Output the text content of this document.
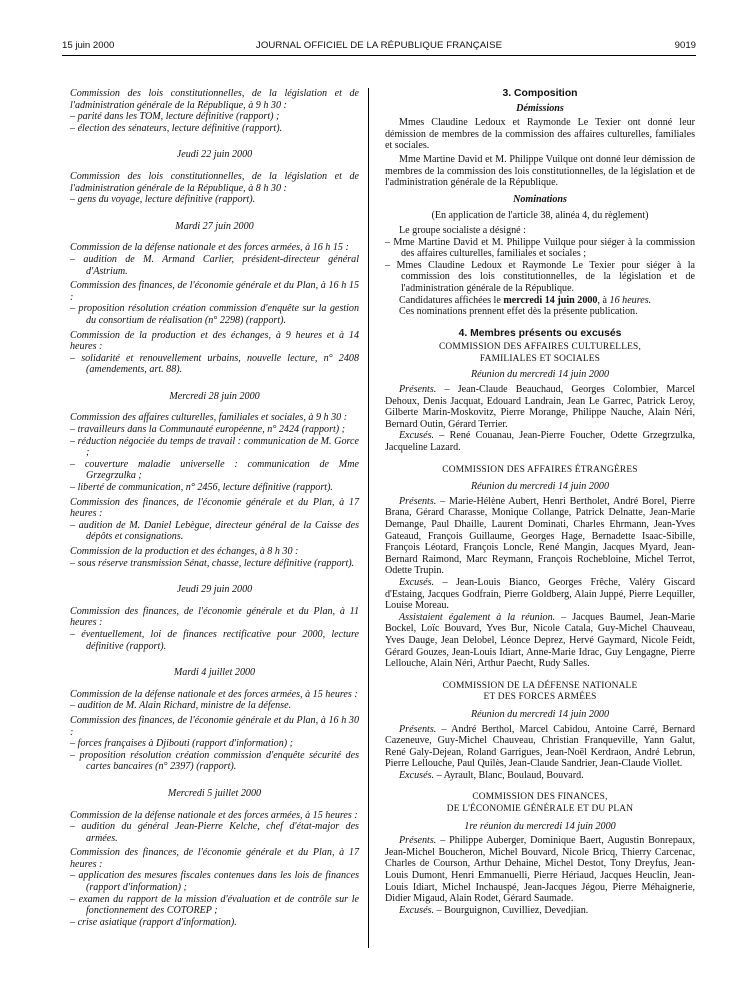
15 juin 2000	JOURNAL OFFICIEL DE LA RÉPUBLIQUE FRANÇAISE	9019

Commission des lois constitutionnelles, de la législation et de l'administration générale de la République, à 9 h 30 :

– parité dans les TOM, lecture définitive (rapport) ;

– élection des sénateurs, lecture définitive (rapport).

Jeudi 22 juin 2000

Commission des lois constitutionnelles, de la législation et de l'administration générale de la République, à 8 h 30 :

– gens du voyage, lecture définitive (rapport).

Mardi 27 juin 2000

Commission de la défense nationale et des forces armées, à 16 h 15 :

– audition de M. Armand Carlier, président-directeur général d'Astrium.

Commission des finances, de l'économie générale et du Plan, à 16 h 15 :

– proposition résolution création commission d'enquête sur la gestion du consortium de réalisation (n° 2298) (rapport).

Commission de la production et des échanges, à 9 heures et à 14 heures :

– solidarité et renouvellement urbains, nouvelle lecture, n° 2408 (amendements, art. 88).

Mercredi 28 juin 2000

Commission des affaires culturelles, familiales et sociales, à 9 h 30 :

– travailleurs dans la Communauté européenne, n° 2424 (rapport) ;

– réduction négociée du temps de travail : communication de M. Gorce ;

– couverture maladie universelle : communication de Mme Grzegrzulka ;

– liberté de communication, n° 2456, lecture définitive (rapport).

Commission des finances, de l'économie générale et du Plan, à 17 heures :

– audition de M. Daniel Lebègue, directeur général de la Caisse des dépôts et consignations.

Commission de la production et des échanges, à 8 h 30 :

– sous réserve transmission Sénat, chasse, lecture définitive (rapport).

Jeudi 29 juin 2000

Commission des finances, de l'économie générale et du Plan, à 11 heures :

– éventuellement, loi de finances rectificative pour 2000, lecture définitive (rapport).

Mardi 4 juillet 2000

Commission de la défense nationale et des forces armées, à 15 heures :

– audition de M. Alain Richard, ministre de la défense.

Commission des finances, de l'économie générale et du Plan, à 16 h 30 :

– forces françaises à Djibouti (rapport d'information) ;

– proposition résolution création commission d'enquête sécurité des cartes bancaires (n° 2397) (rapport).

Mercredi 5 juillet 2000

Commission de la défense nationale et des forces armées, à 15 heures :

– audition du général Jean-Pierre Kelche, chef d'état-major des armées.

Commission des finances, de l'économie générale et du Plan, à 17 heures :

– application des mesures fiscales contenues dans les lois de finances (rapport d'information) ;

– examen du rapport de la mission d'évaluation et de contrôle sur le fonctionnement des COTOREP ;

– crise asiatique (rapport d'information).

3. Composition

Démissions

Mmes Claudine Ledoux et Raymonde Le Texier ont donné leur démission de membres de la commission des affaires culturelles, familiales et sociales.

Mme Martine David et M. Philippe Vuilque ont donné leur démission de membres de la commission des lois constitutionnelles, de la législation et de l'administration générale de la République.

Nominations

(En application de l'article 38, alinéa 4, du règlement)

Le groupe socialiste a désigné :

– Mme Martine David et M. Philippe Vuilque pour siéger à la commission des affaires culturelles, familiales et sociales ;

– Mmes Claudine Ledoux et Raymonde Le Texier pour siéger à la commission des lois constitutionnelles, de la législation et de l'administration générale de la République.

Candidatures affichées le mercredi 14 juin 2000, à 16 heures.

Ces nominations prennent effet dès la présente publication.

4. Membres présents ou excusés

COMMISSION DES AFFAIRES CULTURELLES,

FAMILIALES ET SOCIALES

Réunion du mercredi 14 juin 2000

Présents. – Jean-Claude Beauchaud, Georges Colombier, Marcel Dehoux, Denis Jacquat, Edouard Landrain, Jean Le Garrec, Patrick Leroy, Gilberte Marin-Moskovitz, Pierre Morange, Philippe Nauche, Alain Néri, Bernard Outin, Gérard Terrier.

Excusés. – René Couanau, Jean-Pierre Foucher, Odette Grzegrzulka, Jacqueline Lazard.

COMMISSION DES AFFAIRES ÉTRANGÈRES

Réunion du mercredi 14 juin 2000

Présents. – Marie-Hélène Aubert, Henri Bertholet, André Borel, Pierre Brana, Gérard Charasse, Monique Collange, Patrick Delnatte, Jean-Marie Demange, Paul Dhaille, Laurent Dominati, Charles Ehrmann, Jean-Yves Gateaud, François Guillaume, Georges Hage, Bernadette Isaac-Sibille, François Léotard, François Loncle, René Mangin, Jacques Myard, Jean-Bernard Raimond, Marc Reymann, François Rochebloine, Michel Terrot, Odette Trupin.

Excusés. – Jean-Louis Bianco, Georges Frêche, Valéry Giscard d'Estaing, Jacques Godfrain, Pierre Goldberg, Alain Juppé, Pierre Lequiller, Louise Moreau.

Assistaient également à la réunion. – Jacques Baumel, Jean-Marie Bockel, Loïc Bouvard, Yves Bur, Nicole Catala, Guy-Michel Chauveau, Yves Dauge, Jean Delobel, Léonce Deprez, Hervé Gaymard, Nicole Feidt, Gérard Gouzes, Jean-Louis Idiart, Anne-Marie Idrac, Guy Lengagne, Pierre Lellouche, Alain Néri, Arthur Paecht, Rudy Salles.

COMMISSION DE LA DÉFENSE NATIONALE

ET DES FORCES ARMÉES

Réunion du mercredi 14 juin 2000

Présents. – André Berthol, Marcel Cabidou, Antoine Carré, Bernard Cazeneuve, Guy-Michel Chauveau, Christian Franqueville, Yann Galut, René Galy-Dejean, Roland Garrigues, Jean-Noël Kerdraon, André Lebrun, Pierre Lellouche, Paul Quilès, Jean-Claude Sandrier, Jean-Claude Viollet.

Excusés. – Ayrault, Blanc, Boulaud, Bouvard.

COMMISSION DES FINANCES,

DE L'ÉCONOMIE GÉNÉRALE ET DU PLAN

1re réunion du mercredi 14 juin 2000

Présents. – Philippe Auberger, Dominique Baert, Augustin Bonrepaux, Jean-Michel Boucheron, Michel Bouvard, Nicole Bricq, Thierry Carcenac, Charles de Courson, Arthur Dehaine, Michel Destot, Tony Dreyfus, Jean-Louis Dumont, Henri Emmanuelli, Pierre Hériaud, Jacques Heuclin, Jean-Louis Idiart, Michel Inchauspé, Jean-Jacques Jégou, Pierre Méhaignerie, Didier Migaud, Alain Rodet, Gérard Saumade.

Excusés. – Bourguignon, Cuvilliez, Devedjian.
